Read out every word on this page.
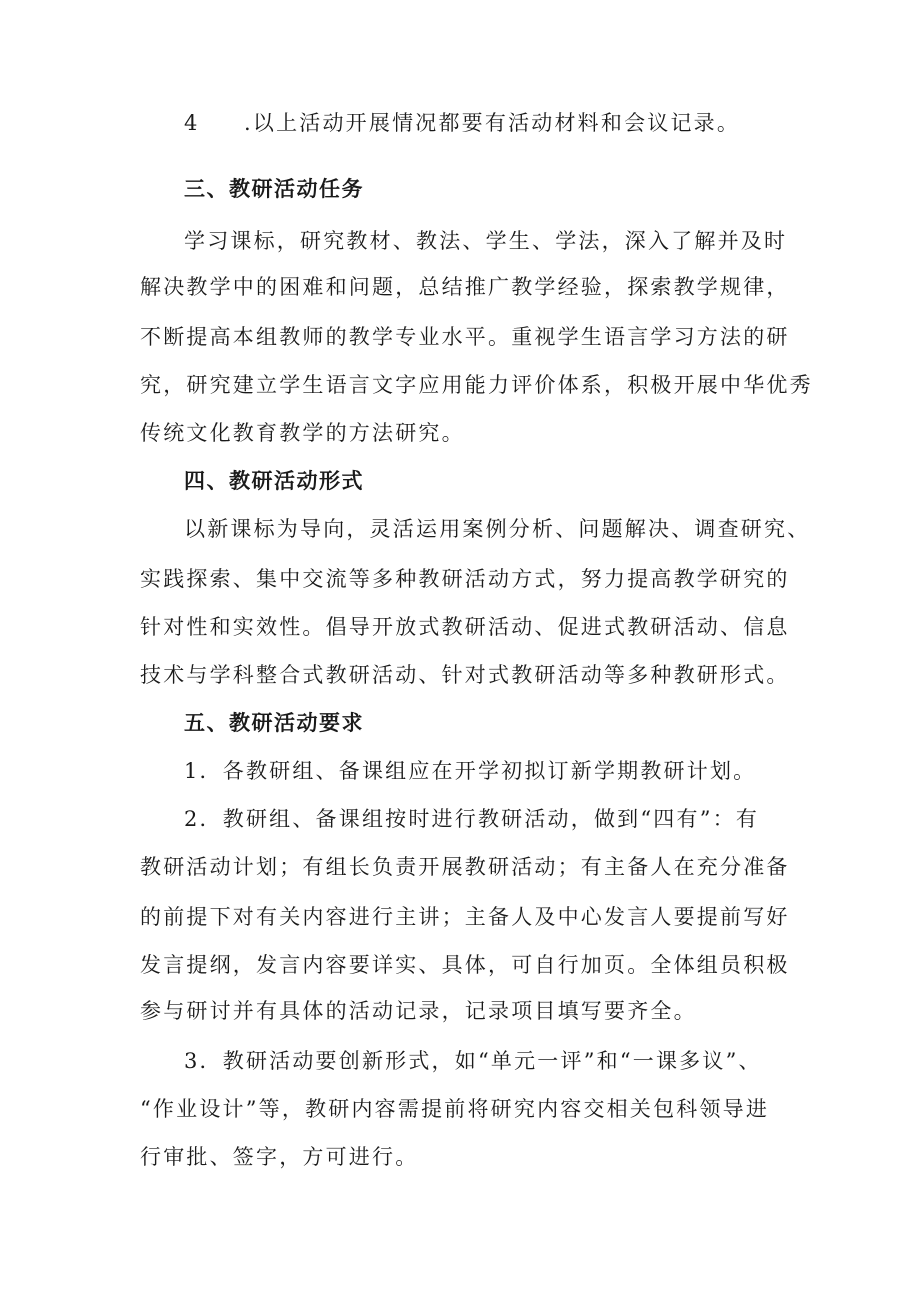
4 .以上活动开展情况都要有活动材料和会议记录。
三、教研活动任务
学习课标，研究教材、教法、学生、学法，深入了解并及时
解决教学中的困难和问题，总结推广教学经验，探索教学规律，
不断提高本组教师的教学专业水平。重视学生语言学习方法的研
究，研究建立学生语言文字应用能力评价体系，积极开展中华优秀
传统文化教育教学的方法研究。
四、教研活动形式
以新课标为导向，灵活运用案例分析、问题解决、调查研究、
实践探索、集中交流等多种教研活动方式，努力提高教学研究的
针对性和实效性。倡导开放式教研活动、促进式教研活动、信息
技术与学科整合式教研活动、针对式教研活动等多种教研形式。
五、教研活动要求
1．各教研组、备课组应在开学初拟订新学期教研计划。
2．教研组、备课组按时进行教研活动，做到“四有”：有
教研活动计划；有组长负责开展教研活动；有主备人在充分准备
的前提下对有关内容进行主讲；主备人及中心发言人要提前写好
发言提纲，发言内容要详实、具体，可自行加页。全体组员积极
参与研讨并有具体的活动记录，记录项目填写要齐全。
3．教研活动要创新形式，如“单元一评”和“一课多议”、
“作业设计”等，教研内容需提前将研究内容交相关包科领导进
行审批、签字，方可进行。
